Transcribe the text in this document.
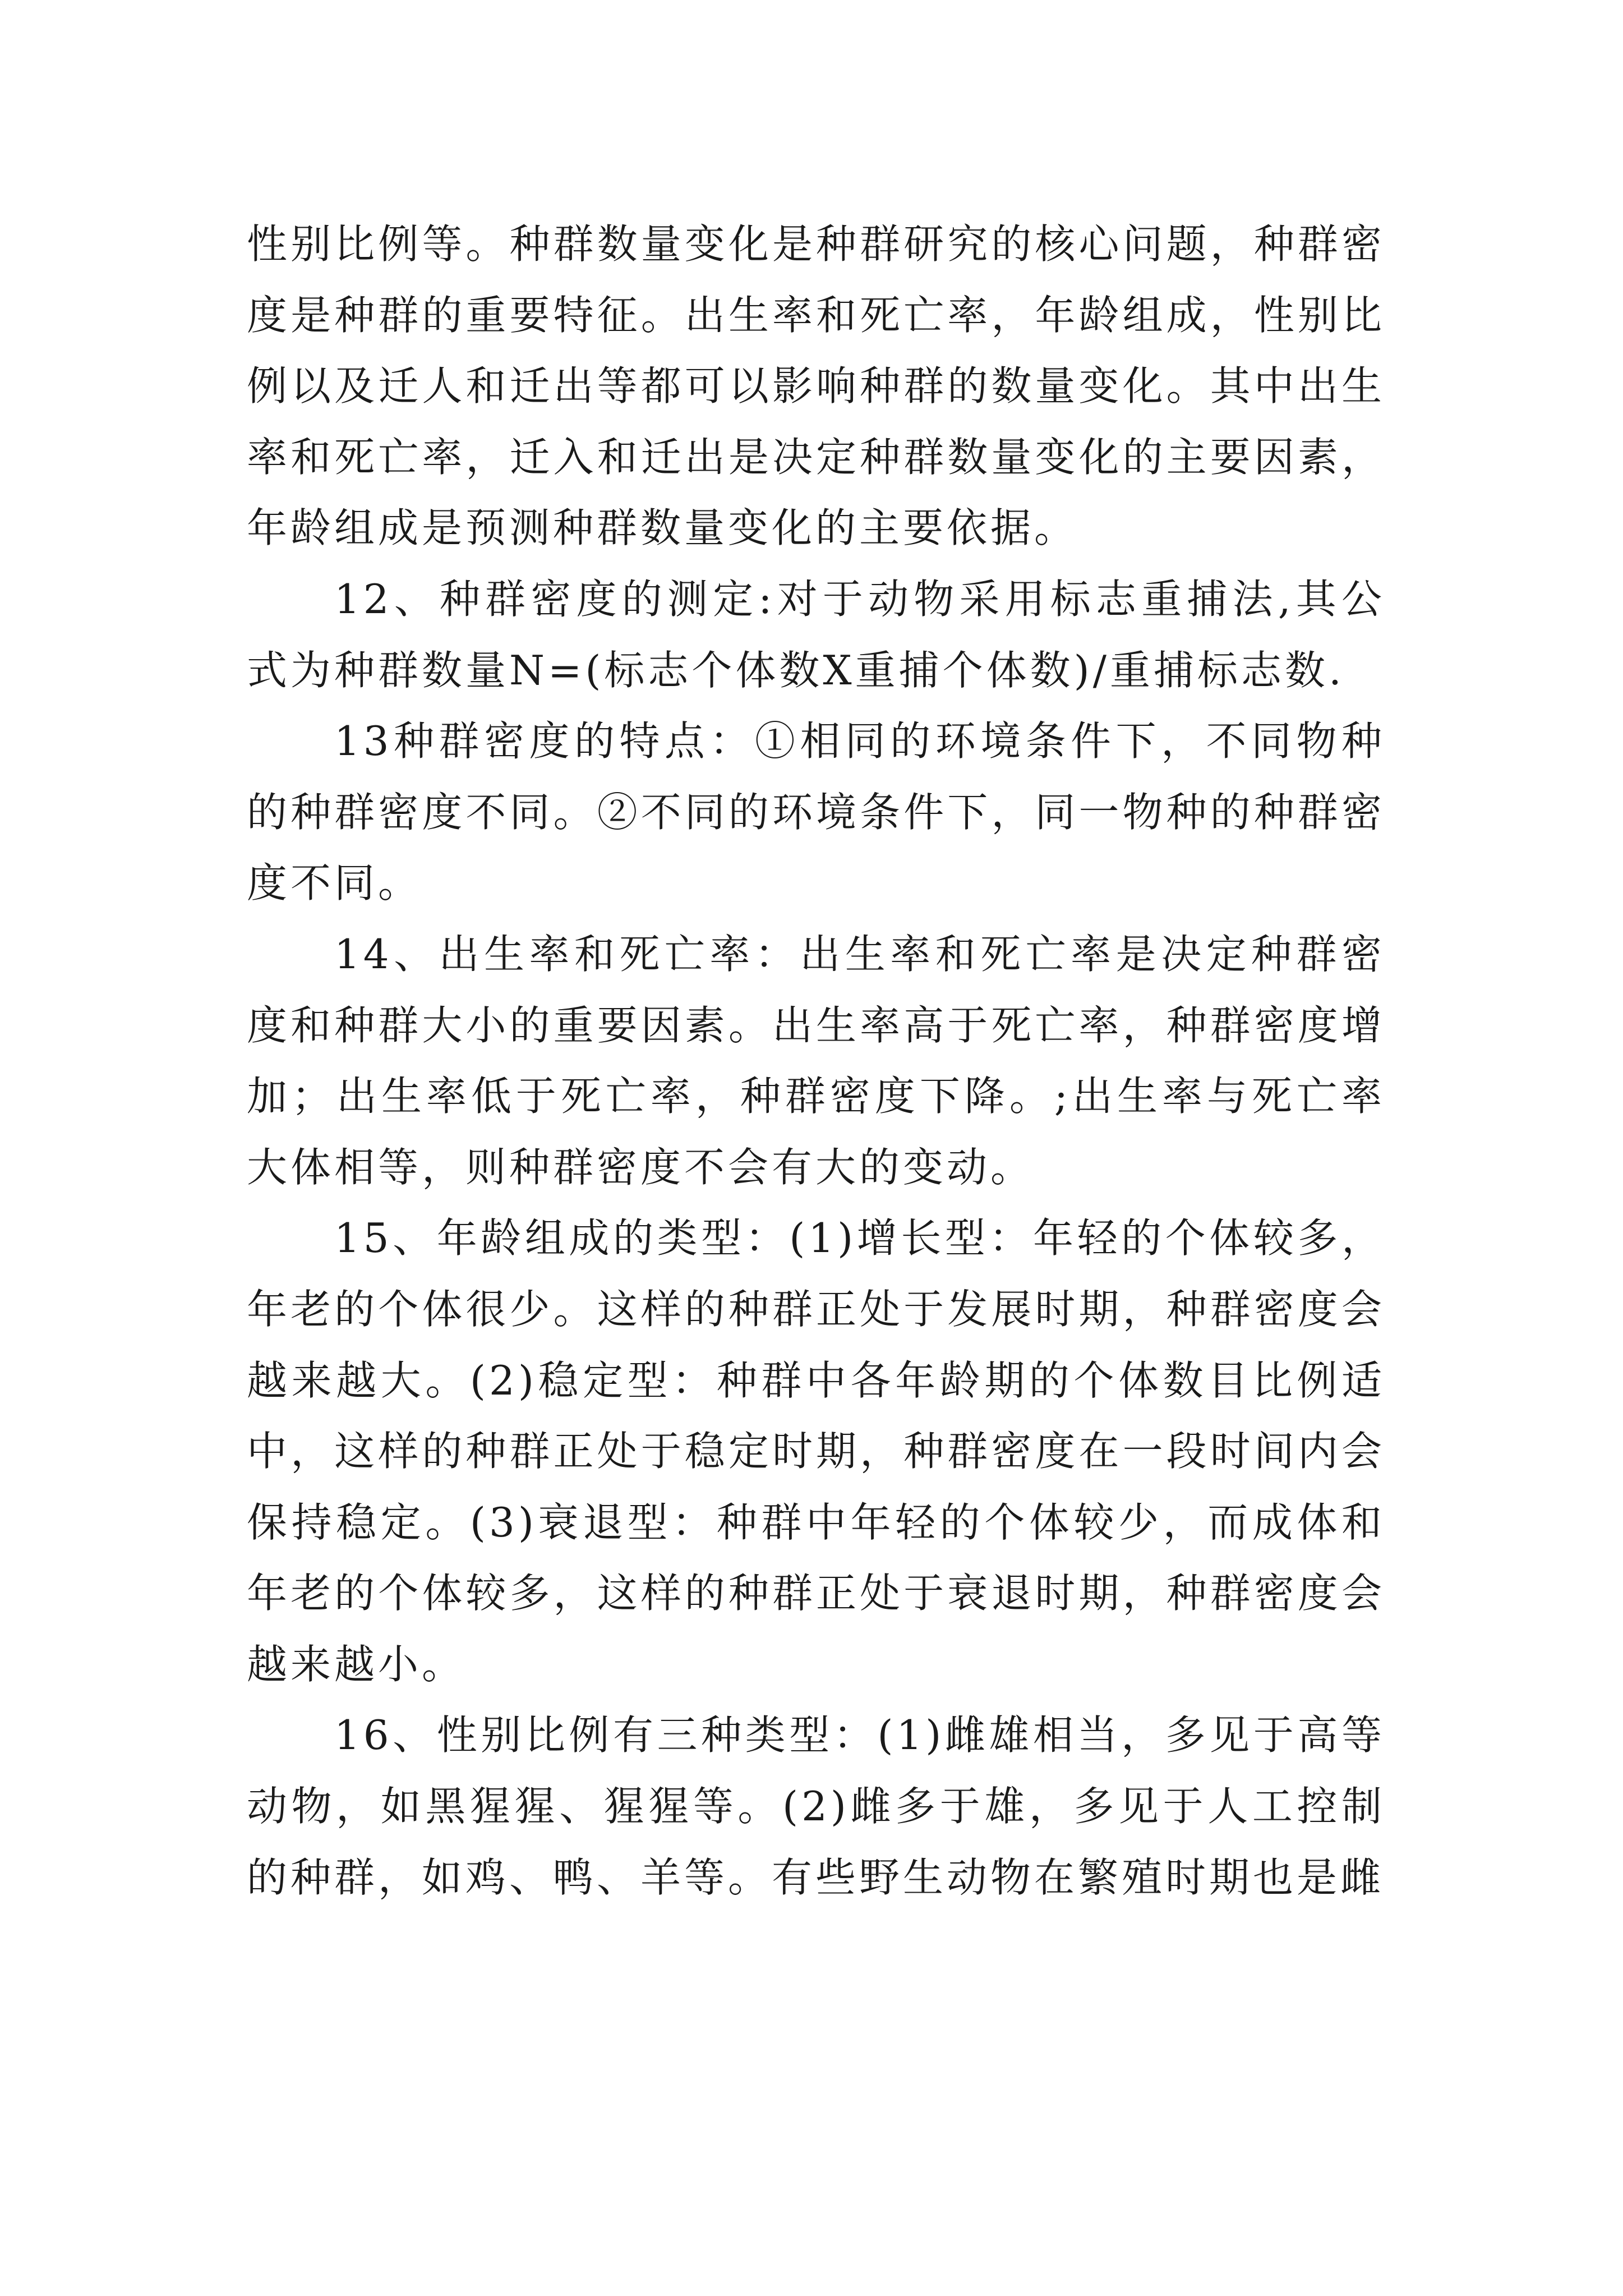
性别比例等。种群数量变化是种群研究的核心问题，种群密度是种群的重要特征。出生率和死亡率，年龄组成，性别比例以及迁人和迁出等都可以影响种群的数量变化。其中出生率和死亡率，迁入和迁出是决定种群数量变化的主要因素，年龄组成是预测种群数量变化的主要依据。

12、种群密度的测定:对于动物采用标志重捕法,其公式为种群数量N=(标志个体数X重捕个体数)/重捕标志数.

13种群密度的特点：①相同的环境条件下，不同物种的种群密度不同。②不同的环境条件下，同一物种的种群密度不同。

14、出生率和死亡率：出生率和死亡率是决定种群密度和种群大小的重要因素。出生率高于死亡率，种群密度增加；出生率低于死亡率，种群密度下降。;出生率与死亡率大体相等，则种群密度不会有大的变动。

15、年龄组成的类型：(1)增长型：年轻的个体较多，年老的个体很少。这样的种群正处于发展时期，种群密度会越来越大。(2)稳定型：种群中各年龄期的个体数目比例适中，这样的种群正处于稳定时期，种群密度在一段时间内会保持稳定。(3)衰退型：种群中年轻的个体较少，而成体和年老的个体较多，这样的种群正处于衰退时期，种群密度会越来越小。

16、性别比例有三种类型：(1)雌雄相当，多见于高等动物，如黑猩猩、猩猩等。(2)雌多于雄，多见于人工控制的种群，如鸡、鸭、羊等。有些野生动物在繁殖时期也是雌
